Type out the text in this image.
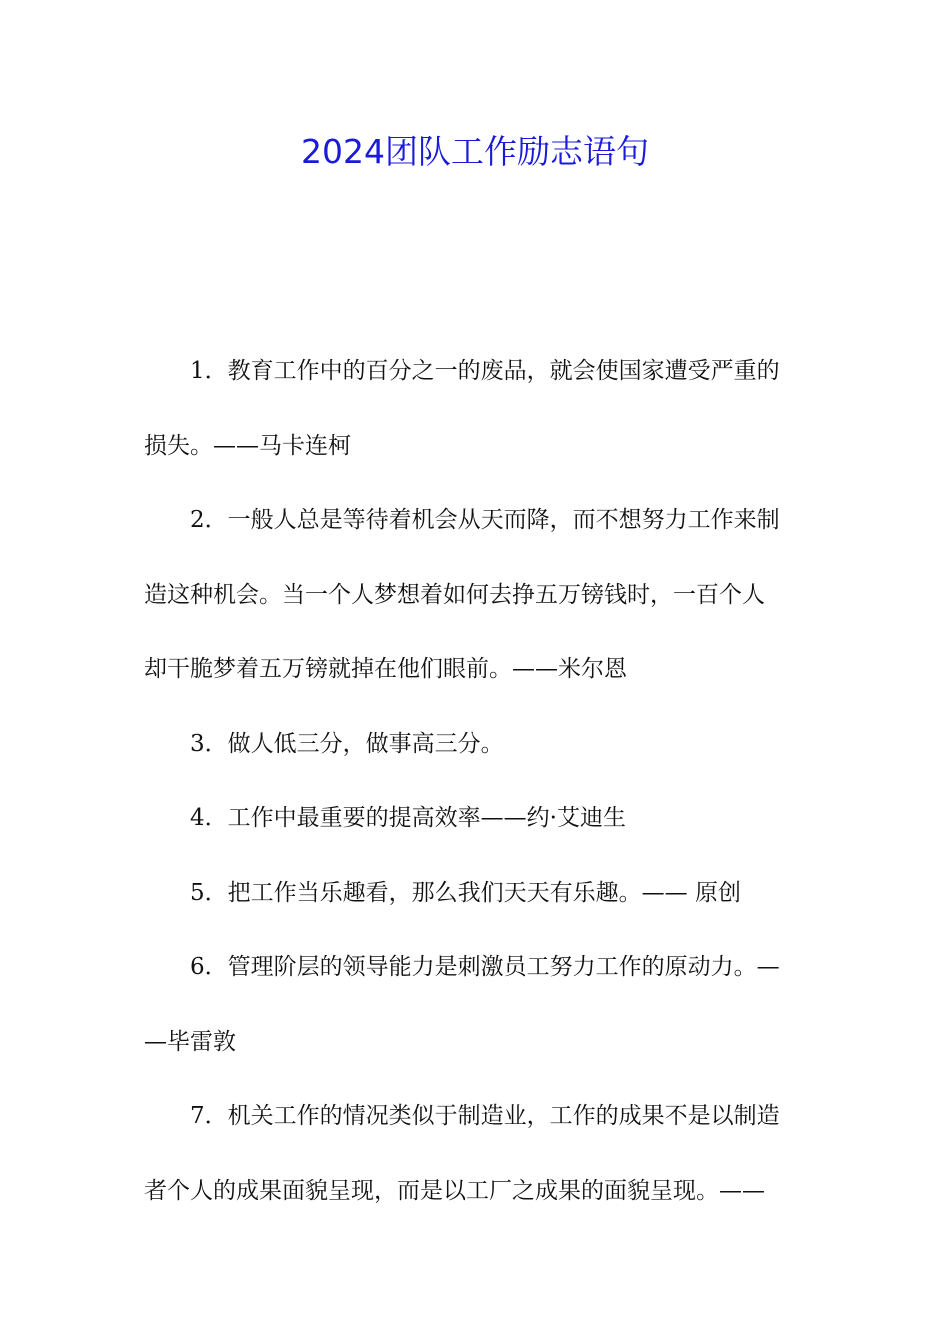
2024团队工作励志语句

1．教育工作中的百分之一的废品，就会使国家遭受严重的
损失。——马卡连柯

2．一般人总是等待着机会从天而降，而不想努力工作来制
造这种机会。当一个人梦想着如何去挣五万镑钱时，一百个人
却干脆梦着五万镑就掉在他们眼前。——米尔恩

3．做人低三分，做事高三分。

4．工作中最重要的提高效率——约·艾迪生

5．把工作当乐趣看，那么我们天天有乐趣。—— 原创

6．管理阶层的领导能力是刺激员工努力工作的原动力。—
—毕雷敦

7．机关工作的情况类似于制造业，工作的成果不是以制造
者个人的成果面貌呈现，而是以工厂之成果的面貌呈现。——
